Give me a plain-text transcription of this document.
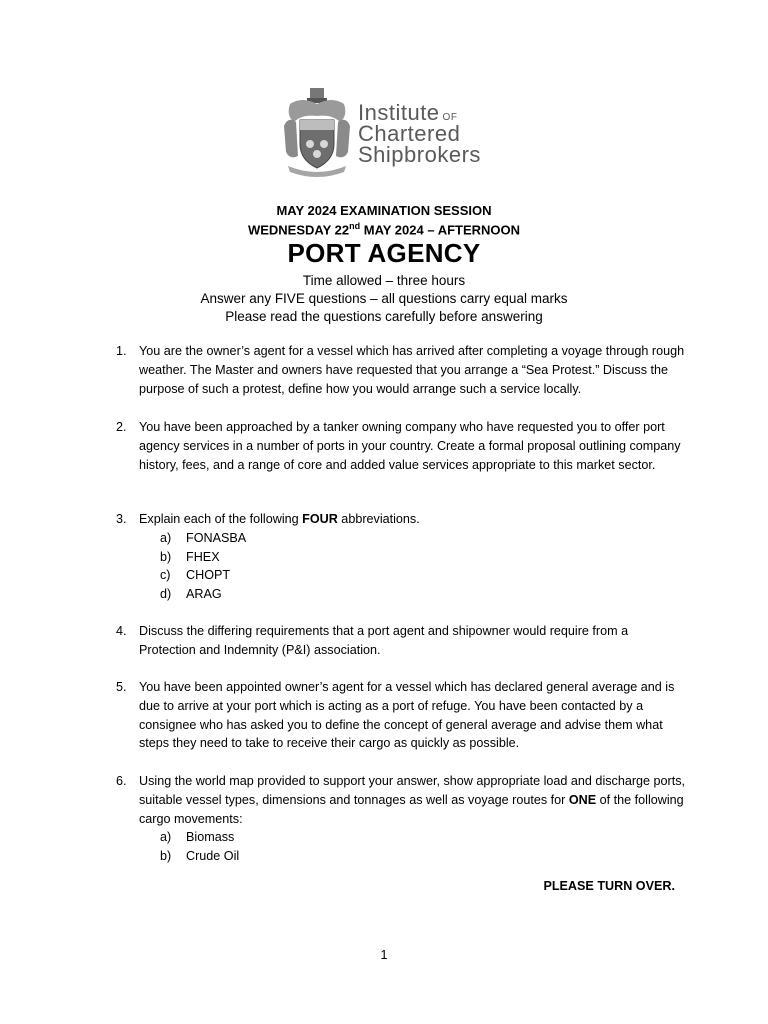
Institute OF
Chartered
Shipbrokers
MAY 2024 EXAMINATION SESSION
WEDNESDAY 22nd MAY 2024 – AFTERNOON
PORT AGENCY
Time allowed – three hours
Answer any FIVE questions – all questions carry equal marks
Please read the questions carefully before answering
1. You are the owner’s agent for a vessel which has arrived after completing a voyage through rough weather. The Master and owners have requested that you arrange a “Sea Protest.” Discuss the purpose of such a protest, define how you would arrange such a service locally.
2. You have been approached by a tanker owning company who have requested you to offer port agency services in a number of ports in your country. Create a formal proposal outlining company history, fees, and a range of core and added value services appropriate to this market sector.
3. Explain each of the following FOUR abbreviations.
a) FONASBA
b) FHEX
c) CHOPT
d) ARAG
4. Discuss the differing requirements that a port agent and shipowner would require from a Protection and Indemnity (P&I) association.
5. You have been appointed owner’s agent for a vessel which has declared general average and is due to arrive at your port which is acting as a port of refuge. You have been contacted by a consignee who has asked you to define the concept of general average and advise them what steps they need to take to receive their cargo as quickly as possible.
6. Using the world map provided to support your answer, show appropriate load and discharge ports, suitable vessel types, dimensions and tonnages as well as voyage routes for ONE of the following cargo movements:
a) Biomass
b) Crude Oil
PLEASE TURN OVER.
1
